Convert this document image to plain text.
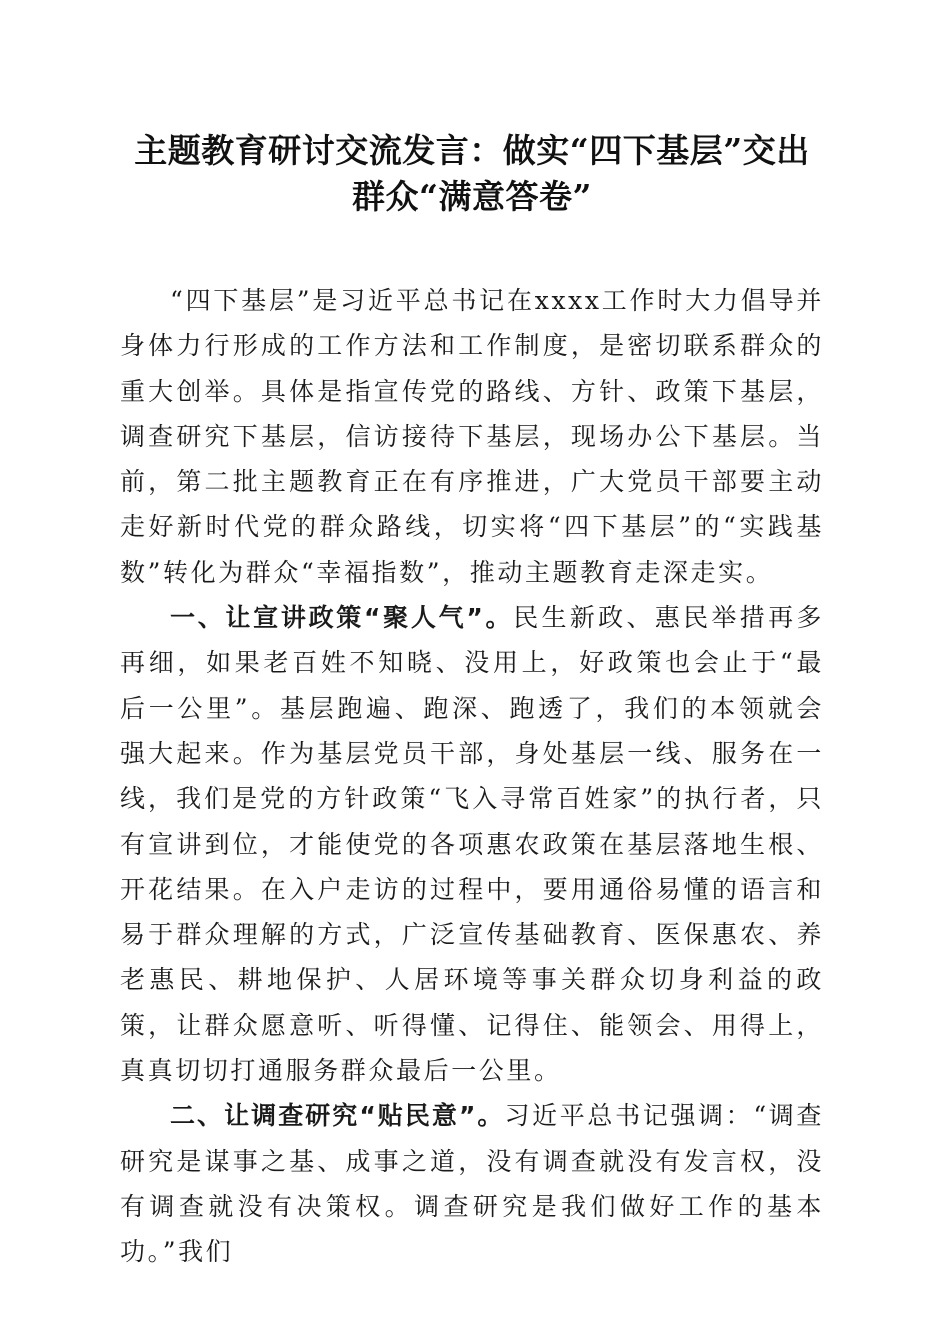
主题教育研讨交流发言：做实“四下基层”交出群众“满意答卷”

“四下基层”是习近平总书记在xxxx工作时大力倡导并身体力行形成的工作方法和工作制度，是密切联系群众的重大创举。具体是指宣传党的路线、方针、政策下基层，调查研究下基层，信访接待下基层，现场办公下基层。当前，第二批主题教育正在有序推进，广大党员干部要主动走好新时代党的群众路线，切实将“四下基层”的“实践基数”转化为群众“幸福指数”，推动主题教育走深走实。

一、让宣讲政策“聚人气”。民生新政、惠民举措再多再细，如果老百姓不知晓、没用上，好政策也会止于“最后一公里”。基层跑遍、跑深、跑透了，我们的本领就会强大起来。作为基层党员干部，身处基层一线、服务在一线，我们是党的方针政策“飞入寻常百姓家”的执行者，只有宣讲到位，才能使党的各项惠农政策在基层落地生根、开花结果。在入户走访的过程中，要用通俗易懂的语言和易于群众理解的方式，广泛宣传基础教育、医保惠农、养老惠民、耕地保护、人居环境等事关群众切身利益的政策，让群众愿意听、听得懂、记得住、能领会、用得上，真真切切打通服务群众最后一公里。

二、让调查研究“贴民意”。习近平总书记强调：“调查研究是谋事之基、成事之道，没有调查就没有发言权，没有调查就没有决策权。调查研究是我们做好工作的基本功。”我们
